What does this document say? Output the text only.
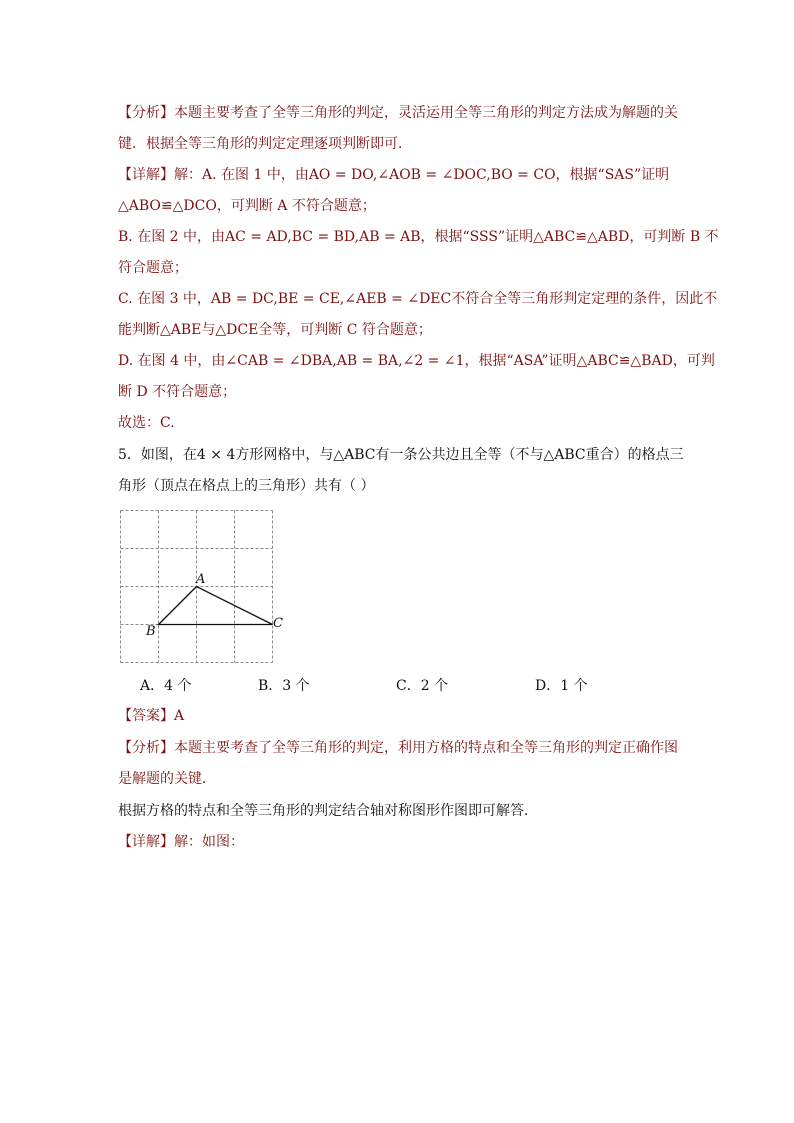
【分析】本题主要考查了全等三角形的判定，灵活运用全等三角形的判定方法成为解题的关
键．根据全等三角形的判定定理逐项判断即可．
【详解】解：A. 在图 1 中，由AO = DO,∠AOB = ∠DOC,BO = CO，根据“SAS”证明
△ABO≌△DCO，可判断 A 不符合题意；
B. 在图 2 中，由AC = AD,BC = BD,AB = AB，根据“SSS”证明△ABC≌△ABD，可判断 B 不
符合题意；
C. 在图 3 中，AB = DC,BE = CE,∠AEB = ∠DEC不符合全等三角形判定定理的条件，因此不
能判断△ABE与△DCE全等，可判断 C 符合题意；
D. 在图 4 中，由∠CAB = ∠DBA,AB = BA,∠2 = ∠1，根据“ASA”证明△ABC≌△BAD，可判
断 D 不符合题意；
故选：C.
5．如图，在4 × 4方形网格中，与△ABC有一条公共边且全等（不与△ABC重合）的格点三
角形（顶点在格点上的三角形）共有（ ）
A
B
C
A．4 个	B．3 个	C．2 个	D．1 个
【答案】A
【分析】本题主要考查了全等三角形的判定，利用方格的特点和全等三角形的判定正确作图
是解题的关键．
根据方格的特点和全等三角形的判定结合轴对称图形作图即可解答．
【详解】解：如图：
